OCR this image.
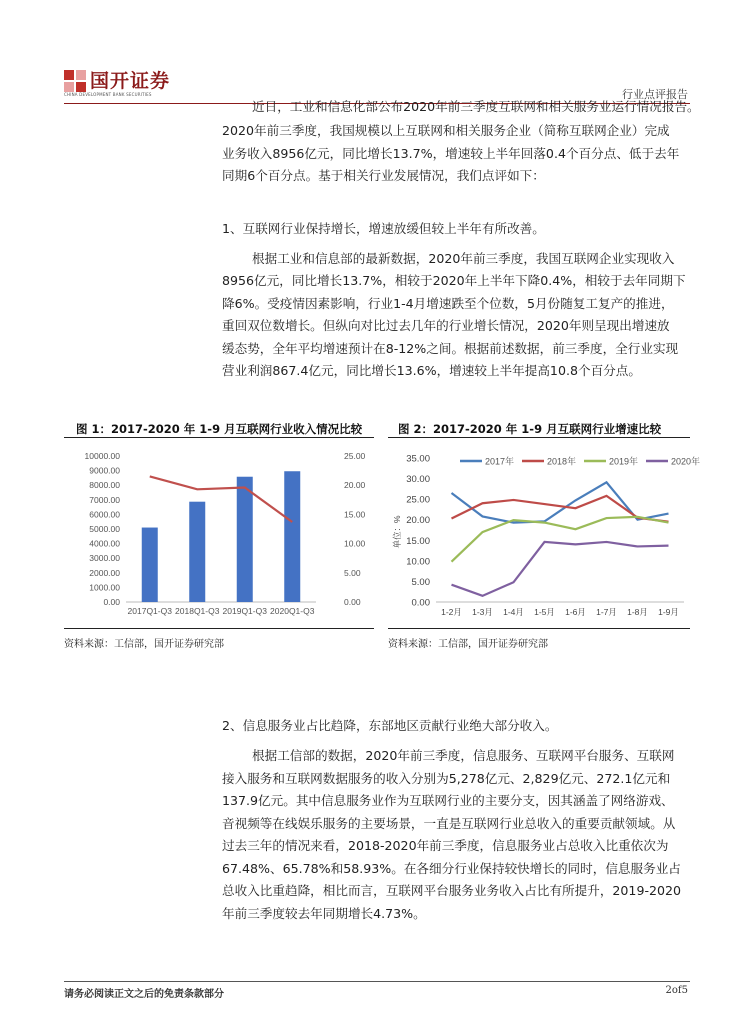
国开证券
CHINA DEVELOPMENT BANK SECURITIES	行业点评报告
近日，工业和信息化部公布2020年前三季度互联网和相关服务业运行情况报告。
2020年前三季度，我国规模以上互联网和相关服务企业（简称互联网企业）完成
业务收入8956亿元，同比增长13.7%，增速较上半年回落0.4个百分点、低于去年
同期6个百分点。基于相关行业发展情况，我们点评如下：
1、互联网行业保持增长，增速放缓但较上半年有所改善。
根据工业和信息部的最新数据，2020年前三季度，我国互联网企业实现收入
8956亿元，同比增长13.7%，相较于2020年上半年下降0.4%，相较于去年同期下
降6%。受疫情因素影响，行业1-4月增速跌至个位数，5月份随复工复产的推进，
重回双位数增长。但纵向对比过去几年的行业增长情况，2020年则呈现出增速放
缓态势，全年平均增速预计在8-12%之间。根据前述数据，前三季度，全行业实现
营业利润867.4亿元，同比增长13.6%，增速较上半年提高10.8个百分点。
图 1：2017-2020 年 1-9 月互联网行业收入情况比较	图 2：2017-2020 年 1-9 月互联网行业增速比较
0.00
1000.00
2000.00
3000.00
4000.00
5000.00
6000.00
7000.00
8000.00
9000.00
10000.00
0.00
5.00
10.00
15.00
20.00
25.00
2017Q1-Q3 2018Q1-Q3 2019Q1-Q3 2020Q1-Q3
0.00
5.00
10.00
15.00
20.00
25.00
30.00
35.00
单位：%
1-2月 1-3月 1-4月 1-5月 1-6月 1-7月 1-8月 1-9月
2017年	2018年	2019年	2020年
资料来源：工信部，国开证券研究部	资料来源：工信部，国开证券研究部
2、信息服务业占比趋降，东部地区贡献行业绝大部分收入。
根据工信部的数据，2020年前三季度，信息服务、互联网平台服务、互联网
接入服务和互联网数据服务的收入分别为5,278亿元、2,829亿元、272.1亿元和
137.9亿元。其中信息服务业作为互联网行业的主要分支，因其涵盖了网络游戏、
音视频等在线娱乐服务的主要场景，一直是互联网行业总收入的重要贡献领域。从
过去三年的情况来看，2018-2020年前三季度，信息服务业占总收入比重依次为
67.48%、65.78%和58.93%。在各细分行业保持较快增长的同时，信息服务业占
总收入比重趋降，相比而言，互联网平台服务业务收入占比有所提升，2019-2020
年前三季度较去年同期增长4.73%。
请务必阅读正文之后的免责条款部分	2of5
